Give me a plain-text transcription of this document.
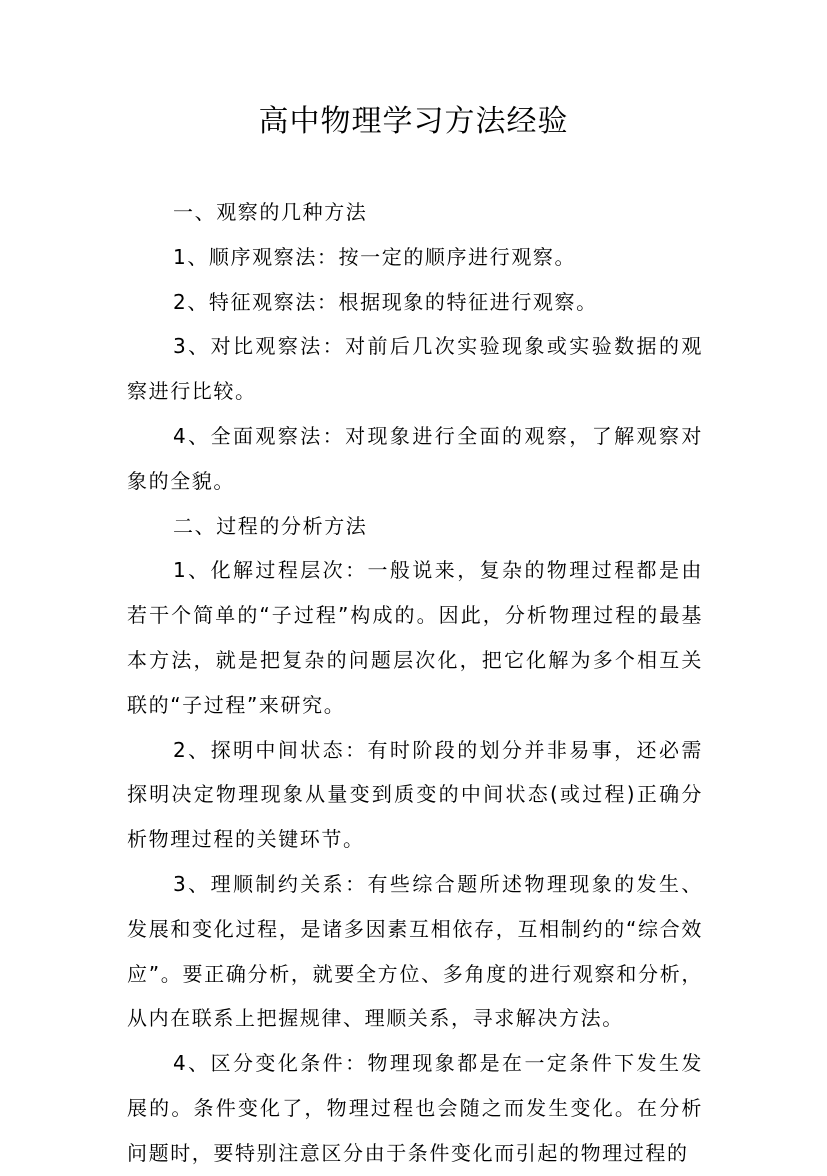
高中物理学习方法经验

一、观察的几种方法

1、顺序观察法：按一定的顺序进行观察。

2、特征观察法：根据现象的特征进行观察。

3、对比观察法：对前后几次实验现象或实验数据的观察进行比较。

4、全面观察法：对现象进行全面的观察，了解观察对象的全貌。

二、过程的分析方法

1、化解过程层次：一般说来，复杂的物理过程都是由若干个简单的“子过程”构成的。因此，分析物理过程的最基本方法，就是把复杂的问题层次化，把它化解为多个相互关联的“子过程”来研究。

2、探明中间状态：有时阶段的划分并非易事，还必需探明决定物理现象从量变到质变的中间状态(或过程)正确分析物理过程的关键环节。

3、理顺制约关系：有些综合题所述物理现象的发生、发展和变化过程，是诸多因素互相依存，互相制约的“综合效应”。要正确分析，就要全方位、多角度的进行观察和分析，从内在联系上把握规律、理顺关系，寻求解决方法。

4、区分变化条件：物理现象都是在一定条件下发生发展的。条件变化了，物理过程也会随之而发生变化。在分析问题时，要特别注意区分由于条件变化而引起的物理过程的
